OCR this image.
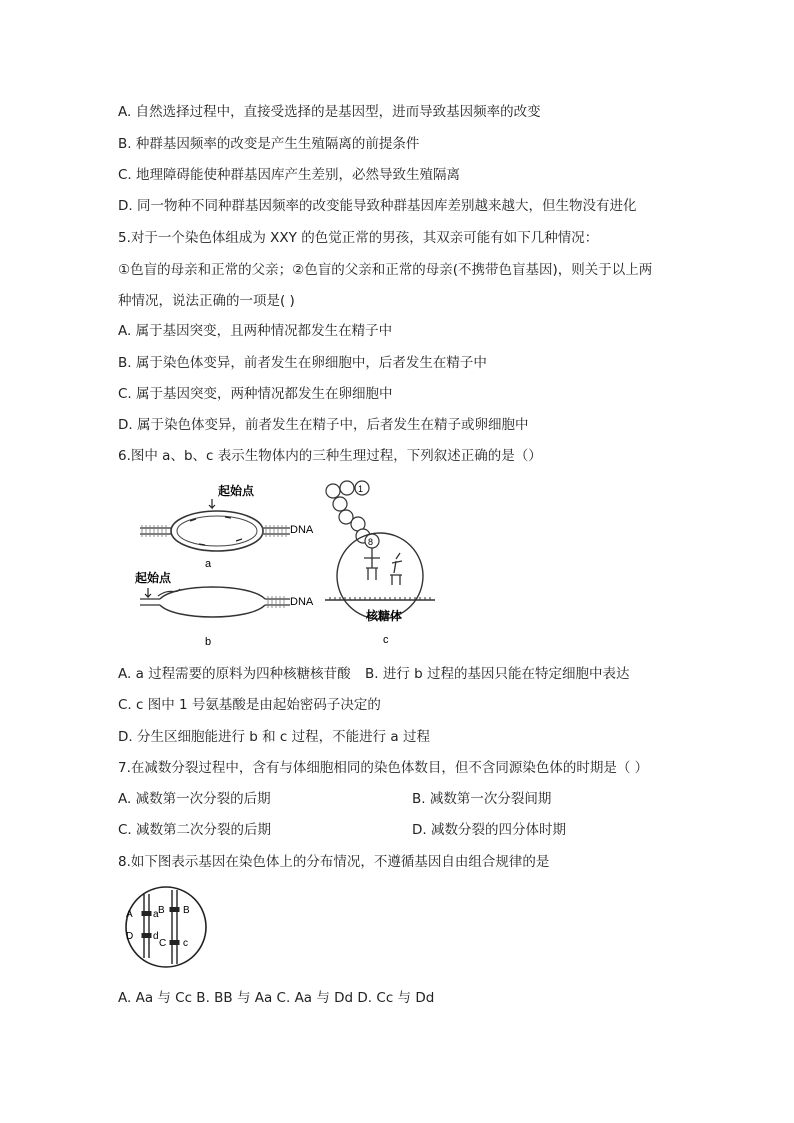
A. 自然选择过程中，直接受选择的是基因型，进而导致基因频率的改变
B. 种群基因频率的改变是产生生殖隔离的前提条件
C. 地理障碍能使种群基因库产生差别，必然导致生殖隔离
D. 同一物种不同种群基因频率的改变能导致种群基因库差别越来越大，但生物没有进化
5.对于一个染色体组成为 XXY 的色觉正常的男孩，其双亲可能有如下几种情况：
①色盲的母亲和正常的父亲；②色盲的父亲和正常的母亲(不携带色盲基因)，则关于以上两
种情况，说法正确的一项是( )
A. 属于基因突变，且两种情况都发生在精子中
B. 属于染色体变异，前者发生在卵细胞中，后者发生在精子中
C. 属于基因突变，两种情况都发生在卵细胞中
D. 属于染色体变异，前者发生在精子中，后者发生在精子或卵细胞中
6.图中 a、b、c 表示生物体内的三种生理过程，下列叙述正确的是（）
起始点
DNA
a
起始点
DNA
b
1
8
核糖体
c
A. a 过程需要的原料为四种核糖核苷酸 B. 进行 b 过程的基因只能在特定细胞中表达
C. c 图中 1 号氨基酸是由起始密码子决定的
D. 分生区细胞能进行 b 和 c 过程，不能进行 a 过程
7.在减数分裂过程中，含有与体细胞相同的染色体数目，但不含同源染色体的时期是（ ）
A. 减数第一次分裂的后期	B. 减数第一次分裂间期
C. 减数第二次分裂的后期	D. 减数分裂的四分体时期
8.如下图表示基因在染色体上的分布情况，不遵循基因自由组合规律的是
A a B B
D d
C c
A. Aa 与 Cc B. BB 与 Aa C. Aa 与 Dd D. Cc 与 Dd
